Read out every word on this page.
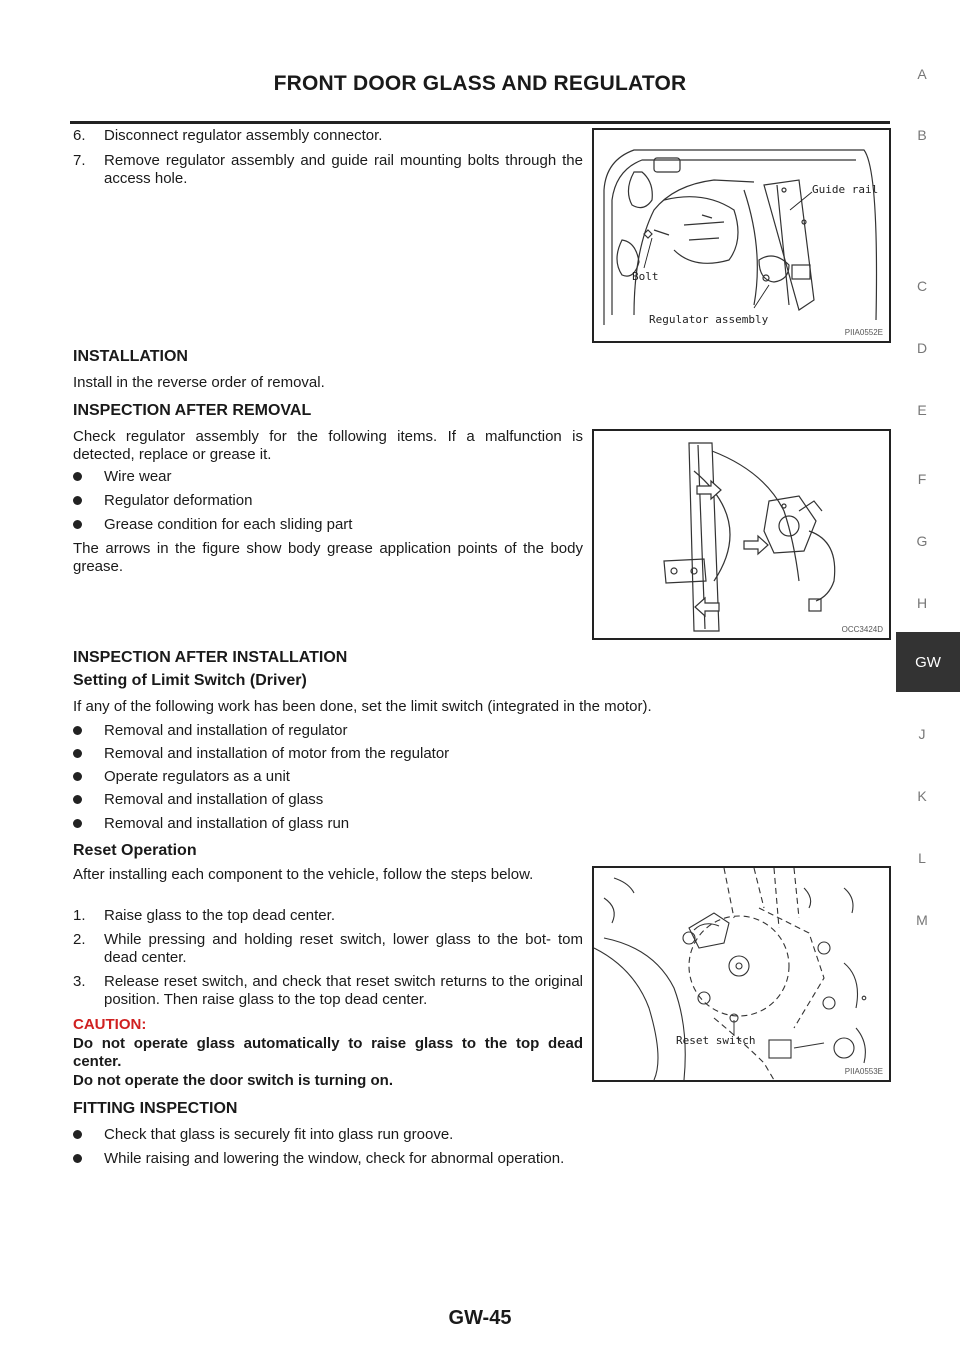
FRONT DOOR GLASS AND REGULATOR	A
B
C
D
E
F
G
H
J
K
L
M
GW
6.	Disconnect regulator assembly connector.
7.	Remove regulator assembly and guide rail mounting bolts through the access hole.
Guide rail
Bolt
Regulator assembly
PIIA0552E
INSTALLATION
Install in the reverse order of removal.
INSPECTION AFTER REMOVAL
Check regulator assembly for the following items. If a malfunction is detected, replace or grease it.
Wire wear
Regulator deformation
Grease condition for each sliding part
The arrows in the figure show body grease application points of the body grease.
OCC3424D
INSPECTION AFTER INSTALLATION
Setting of Limit Switch (Driver)
If any of the following work has been done, set the limit switch (integrated in the motor).
Removal and installation of regulator
Removal and installation of motor from the regulator
Operate regulators as a unit
Removal and installation of glass
Removal and installation of glass run
Reset Operation
After installing each component to the vehicle, follow the steps below.
1.	Raise glass to the top dead center.
2.	While pressing and holding reset switch, lower glass to the bot- tom dead center.
3.	Release reset switch, and check that reset switch returns to the original position. Then raise glass to the top dead center.
CAUTION:
Do not operate glass automatically to raise glass to the top dead center.
Do not operate the door switch is turning on.
Reset switch
PIIA0553E
FITTING INSPECTION
Check that glass is securely fit into glass run groove.
While raising and lowering the window, check for abnormal operation.
GW-45
